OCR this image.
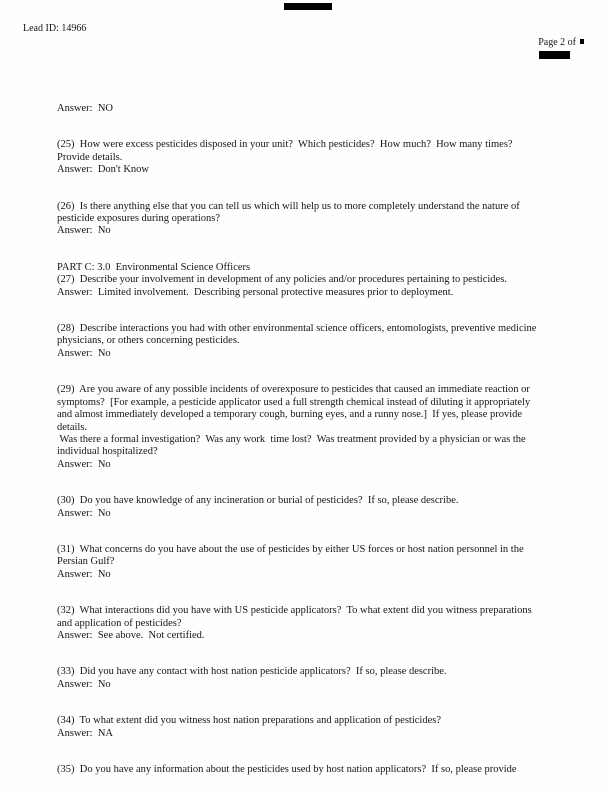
Lead ID: 14966

Page 2 of

Answer:  NO
(25)  How were excess pesticides disposed in your unit?  Which pesticides?  How much?  How many times?
Provide details.
Answer:  Don't Know
(26)  Is there anything else that you can tell us which will help us to more completely understand the nature of
pesticide exposures during operations?
Answer:  No
PART C: 3.0  Environmental Science Officers
(27)  Describe your involvement in development of any policies and/or procedures pertaining to pesticides.
Answer:  Limited involvement.  Describing personal protective measures prior to deployment.
(28)  Describe interactions you had with other environmental science officers, entomologists, preventive medicine
physicians, or others concerning pesticides.
Answer:  No
(29)  Are you aware of any possible incidents of overexposure to pesticides that caused an immediate reaction or
symptoms?  [For example, a pesticide applicator used a full strength chemical instead of diluting it appropriately
and almost immediately developed a temporary cough, burning eyes, and a runny nose.]  If yes, please provide
details.
Was there a formal investigation?  Was any work  time lost?  Was treatment provided by a physician or was the
individual hospitalized?
Answer:  No
(30)  Do you have knowledge of any incineration or burial of pesticides?  If so, please describe.
Answer:  No
(31)  What concerns do you have about the use of pesticides by either US forces or host nation personnel in the
Persian Gulf?
Answer:  No
(32)  What interactions did you have with US pesticide applicators?  To what extent did you witness preparations
and application of pesticides?
Answer:  See above.  Not certified.
(33)  Did you have any contact with host nation pesticide applicators?  If so, please describe.
Answer:  No
(34)  To what extent did you witness host nation preparations and application of pesticides?
Answer:  NA
(35)  Do you have any information about the pesticides used by host nation applicators?  If so, please provide
